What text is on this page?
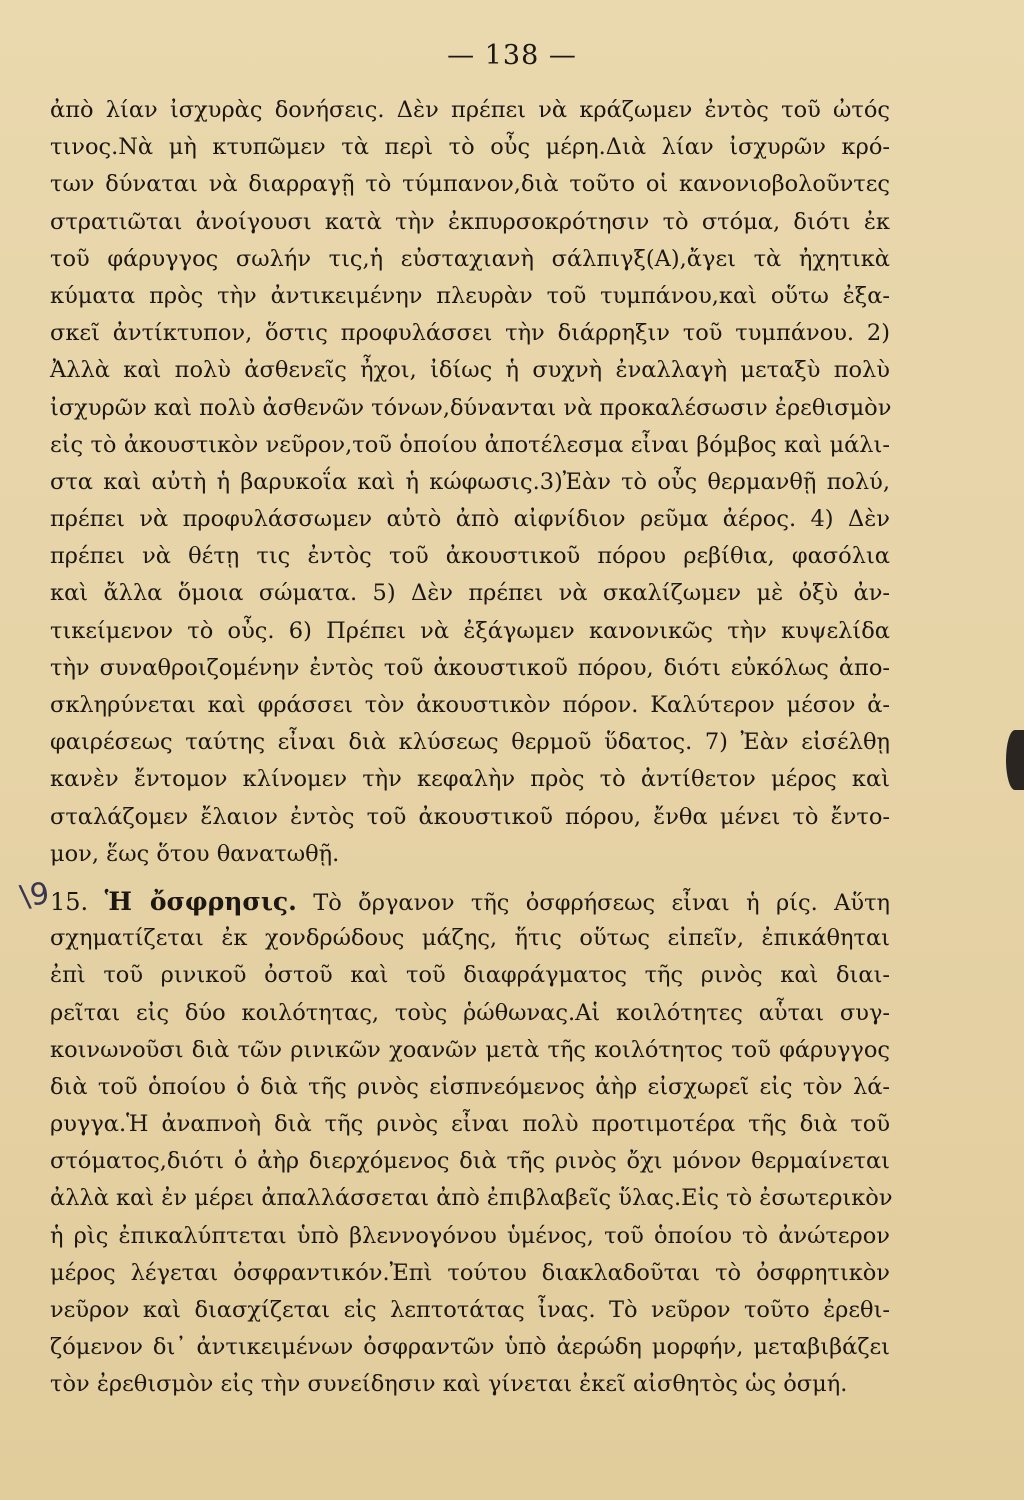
— 138 —
\9
ἀπὸ λίαν ἰσχυρὰς δονήσεις. Δὲν πρέπει νὰ κράζωμεν ἐντὸς τοῦ ὠτός
τινος.Νὰ μὴ κτυπῶμεν τὰ περὶ τὸ οὖς μέρη.Διὰ λίαν ἰσχυρῶν κρό-
των δύναται νὰ διαρραγῇ τὸ τύμπανον,διὰ τοῦτο οἱ κανονιοβολοῦντες
στρατιῶται ἀνοίγουσι κατὰ τὴν ἐκπυρσοκρότησιν τὸ στόμα, διότι ἐκ
τοῦ φάρυγγος σωλήν τις,ἡ εὐσταχιανὴ σάλπιγξ(Α),ἄγει τὰ ἠχητικὰ
κύματα πρὸς τὴν ἀντικειμένην πλευρὰν τοῦ τυμπάνου,καὶ οὕτω ἐξα-
σκεῖ ἀντίκτυπον, ὅστις προφυλάσσει τὴν διάρρηξιν τοῦ τυμπάνου. 2)
Ἀλλὰ καὶ πολὺ ἀσθενεῖς ἦχοι, ἰδίως ἡ συχνὴ ἐναλλαγὴ μεταξὺ πολὺ
ἰσχυρῶν καὶ πολὺ ἀσθενῶν τόνων,δύνανται νὰ προκαλέσωσιν ἐρεθισμὸν
εἰς τὸ ἀκουστικὸν νεῦρον,τοῦ ὁποίου ἀποτέλεσμα εἶναι βόμβος καὶ μάλι-
στα καὶ αὐτὴ ἡ βαρυκοΐα καὶ ἡ κώφωσις.3)Ἐὰν τὸ οὖς θερμανθῇ πολύ,
πρέπει νὰ προφυλάσσωμεν αὐτὸ ἀπὸ αἰφνίδιον ρεῦμα ἀέρος. 4) Δὲν
πρέπει νὰ θέτῃ τις ἐντὸς τοῦ ἀκουστικοῦ πόρου ρεβίθια, φασόλια
καὶ ἄλλα ὅμοια σώματα. 5) Δὲν πρέπει νὰ σκαλίζωμεν μὲ ὀξὺ ἀν-
τικείμενον τὸ οὖς. 6) Πρέπει νὰ ἐξάγωμεν κανονικῶς τὴν κυψελίδα
τὴν συναθροιζομένην ἐντὸς τοῦ ἀκουστικοῦ πόρου, διότι εὐκόλως ἀπο-
σκληρύνεται καὶ φράσσει τὸν ἀκουστικὸν πόρον. Καλύτερον μέσον ἀ-
φαιρέσεως ταύτης εἶναι διὰ κλύσεως θερμοῦ ὕδατος. 7) Ἐὰν εἰσέλθῃ
κανὲν ἔντομον κλίνομεν τὴν κεφαλὴν πρὸς τὸ ἀντίθετον μέρος καὶ
σταλάζομεν ἔλαιον ἐντὸς τοῦ ἀκουστικοῦ πόρου, ἔνθα μένει τὸ ἔντο-
μον, ἕως ὅτου θανατωθῇ.
15. Ἡ ὄσφρησις. Τὸ ὄργανον τῆς ὀσφρήσεως εἶναι ἡ ρίς. Αὕτη
σχηματίζεται ἐκ χονδρώδους μάζης, ἥτις οὕτως εἰπεῖν, ἐπικάθηται
ἐπὶ τοῦ ρινικοῦ ὀστοῦ καὶ τοῦ διαφράγματος τῆς ρινὸς καὶ διαι-
ρεῖται εἰς δύο κοιλότητας, τοὺς ῥώθωνας.Αἱ κοιλότητες αὗται συγ-
κοινωνοῦσι διὰ τῶν ρινικῶν χοανῶν μετὰ τῆς κοιλότητος τοῦ φάρυγγος
διὰ τοῦ ὁποίου ὁ διὰ τῆς ρινὸς εἰσπνεόμενος ἀὴρ εἰσχωρεῖ εἰς τὸν λά-
ρυγγα.Ἡ ἀναπνοὴ διὰ τῆς ρινὸς εἶναι πολὺ προτιμοτέρα τῆς διὰ τοῦ
στόματος,διότι ὁ ἀὴρ διερχόμενος διὰ τῆς ρινὸς ὄχι μόνον θερμαίνεται
ἀλλὰ καὶ ἐν μέρει ἀπαλλάσσεται ἀπὸ ἐπιβλαβεῖς ὕλας.Εἰς τὸ ἐσωτερικὸν
ἡ ρὶς ἐπικαλύπτεται ὑπὸ βλεννογόνου ὑμένος, τοῦ ὁποίου τὸ ἀνώτερον
μέρος λέγεται ὀσφραντικόν.Ἐπὶ τούτου διακλαδοῦται τὸ ὀσφρητικὸν
νεῦρον καὶ διασχίζεται εἰς λεπτοτάτας ἶνας. Τὸ νεῦρον τοῦτο ἐρεθι-
ζόμενον δι᾿ ἀντικειμένων ὀσφραντῶν ὑπὸ ἀερώδη μορφήν, μεταβιβάζει
τὸν ἐρεθισμὸν εἰς τὴν συνείδησιν καὶ γίνεται ἐκεῖ αἰσθητὸς ὡς ὀσμή.
